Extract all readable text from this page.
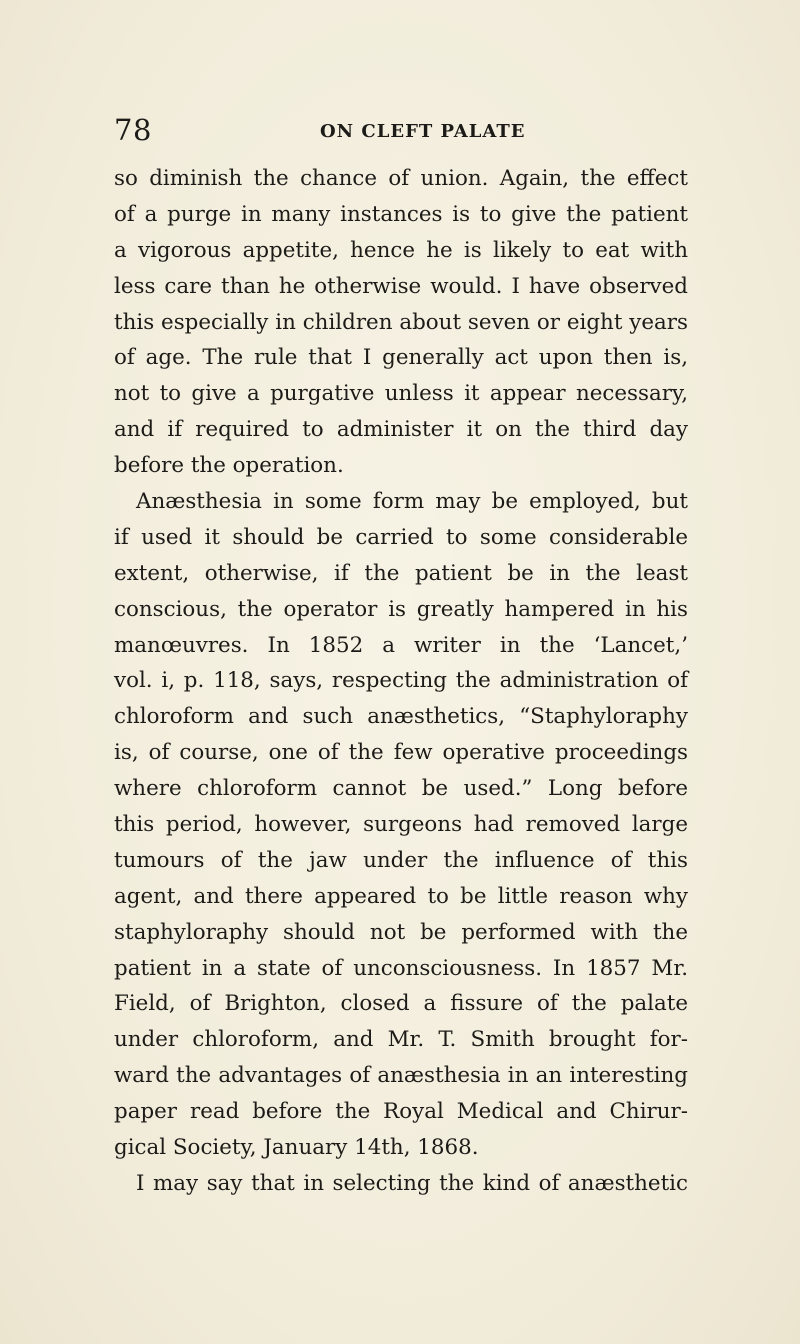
78	ON CLEFT PALATE
so diminish the chance of union. Again, the effect
of a purge in many instances is to give the patient
a vigorous appetite, hence he is likely to eat with
less care than he otherwise would. I have observed
this especially in children about seven or eight years
of age. The rule that I generally act upon then is,
not to give a purgative unless it appear necessary,
and if required to administer it on the third day
before the operation.
Anæsthesia in some form may be employed, but
if used it should be carried to some considerable
extent, otherwise, if the patient be in the least
conscious, the operator is greatly hampered in his
manœuvres. In 1852 a writer in the ‘Lancet,’
vol. i, p. 118, says, respecting the administration of
chloroform and such anæsthetics, “Staphyloraphy
is, of course, one of the few operative proceedings
where chloroform cannot be used.” Long before
this period, however, surgeons had removed large
tumours of the jaw under the influence of this
agent, and there appeared to be little reason why
staphyloraphy should not be performed with the
patient in a state of unconsciousness. In 1857 Mr.
Field, of Brighton, closed a fissure of the palate
under chloroform, and Mr. T. Smith brought for-
ward the advantages of anæsthesia in an interesting
paper read before the Royal Medical and Chirur-
gical Society, January 14th, 1868.
I may say that in selecting the kind of anæsthetic
